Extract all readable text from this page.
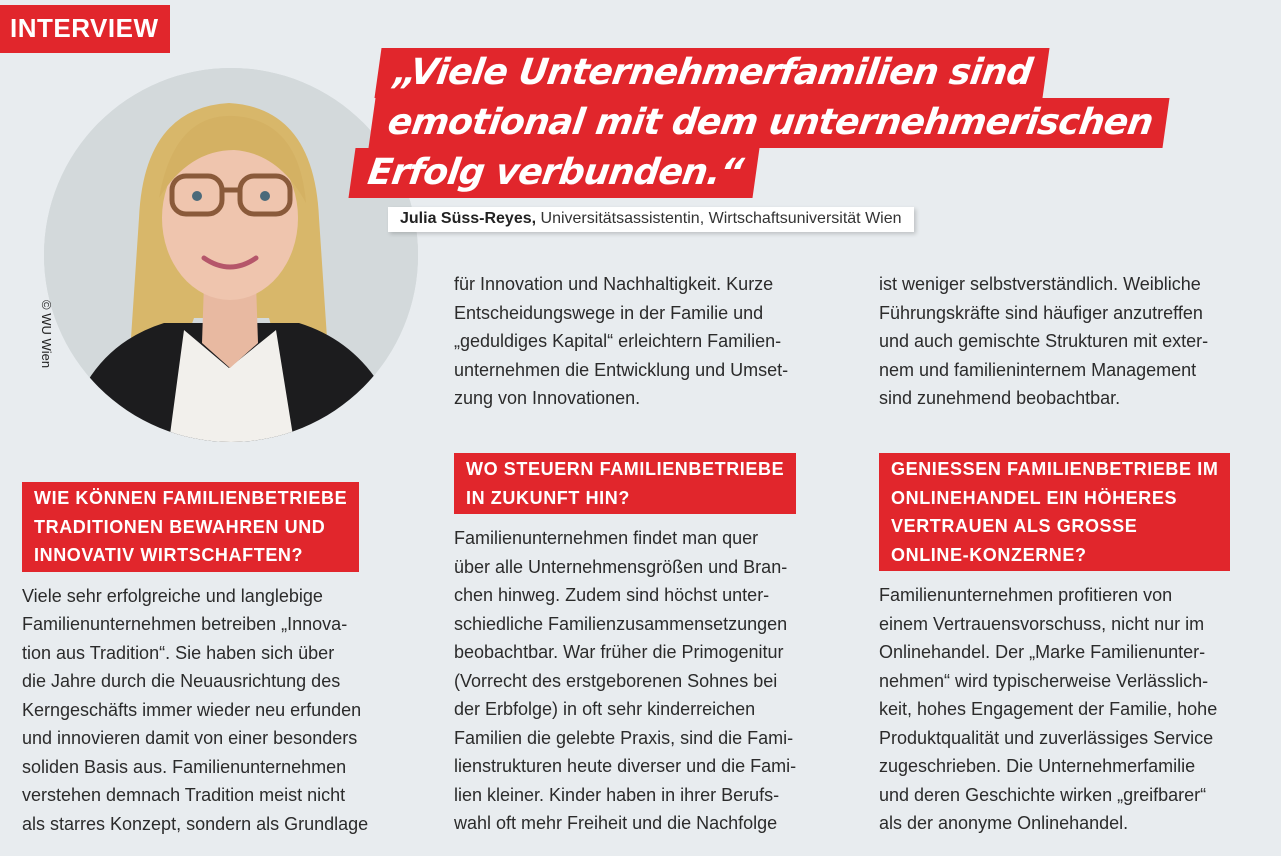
INTERVIEW
© WU Wien
„Viele Unternehmerfamilien sind
emotional mit dem unternehmerischen
Erfolg verbunden.“
Julia Süss-Reyes, Universitätsassistentin, Wirtschaftsuniversität Wien

für Innovation und Nachhaltigkeit. Kurze

Entscheidungswege in der Familie und

„geduldiges Kapital“ erleichtern Familien-

unternehmen die Entwicklung und Umset-

zung von Innovationen.

ist weniger selbstverständlich. Weibliche

Führungskräfte sind häufiger anzutreffen

und auch gemischte Strukturen mit exter-

nem und familieninternem Management

sind zunehmend beobachtbar.

WIE KÖNNEN FAMILIENBETRIEBE
TRADITIONEN BEWAHREN UND
INNOVATIV WIRTSCHAFTEN?

Viele sehr erfolgreiche und langlebige

Familienunternehmen betreiben „Innova-

tion aus Tradition“. Sie haben sich über

die Jahre durch die Neuausrichtung des

Kerngeschäfts immer wieder neu erfunden

und innovieren damit von einer besonders

soliden Basis aus. Familienunternehmen

verstehen demnach Tradition meist nicht

als starres Konzept, sondern als Grundlage

WO STEUERN FAMILIENBETRIEBE
IN ZUKUNFT HIN?

Familienunternehmen findet man quer

über alle Unternehmensgrößen und Bran-

chen hinweg. Zudem sind höchst unter-

schiedliche Familienzusammensetzungen

beobachtbar. War früher die Primogenitur

(Vorrecht des erstgeborenen Sohnes bei

der Erbfolge) in oft sehr kinderreichen

Familien die gelebte Praxis, sind die Fami-

lienstrukturen heute diverser und die Fami-

lien kleiner. Kinder haben in ihrer Berufs-

wahl oft mehr Freiheit und die Nachfolge

GENIESSEN FAMILIENBETRIEBE IM
ONLINEHANDEL EIN HÖHERES
VERTRAUEN ALS GROSSE
ONLINE-KONZERNE?

Familienunternehmen profitieren von

einem Vertrauensvorschuss, nicht nur im

Onlinehandel. Der „Marke Familienunter-

nehmen“ wird typischerweise Verlässlich-

keit, hohes Engagement der Familie, hohe

Produktqualität und zuverlässiges Service

zugeschrieben. Die Unternehmerfamilie

und deren Geschichte wirken „greifbarer“

als der anonyme Onlinehandel.
